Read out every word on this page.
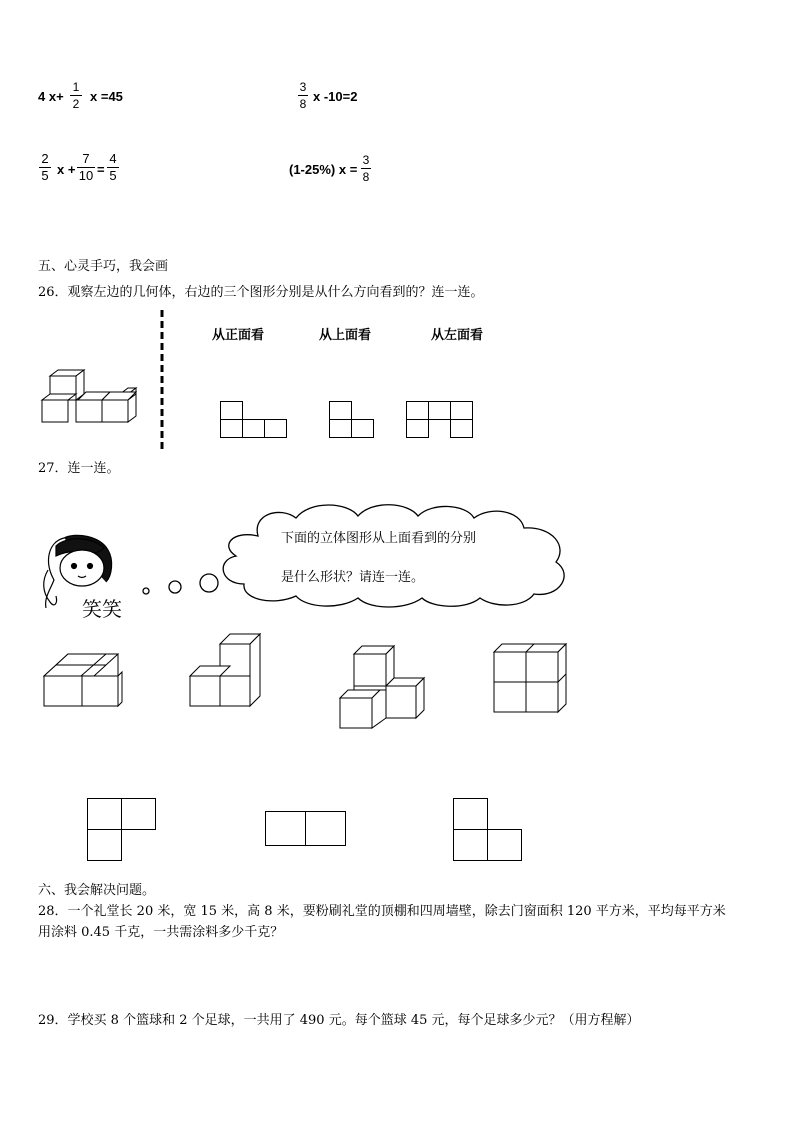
4 x+
1
2 x =45
3
8 x -10=2
2
5 x +
7
10 =
4
5	(1-25%) x =
3
8
五、心灵手巧，我会画
26．观察左边的几何体，右边的三个图形分别是从什么方向看到的？连一连。
从正面看	从上面看	从左面看
27．连一连。
笑笑
下面的立体图形从上面看到的分别
是什么形状？请连一连。
六、我会解决问题。
28．一个礼堂长 20 米，宽 15 米，高 8 米，要粉刷礼堂的顶棚和四周墙壁，除去门窗面积 120 平方米，平均每平方米
用涂料 0.45 千克，一共需涂料多少千克？
29．学校买 8 个篮球和 2 个足球，一共用了 490 元。每个篮球 45 元，每个足球多少元？（用方程解）
